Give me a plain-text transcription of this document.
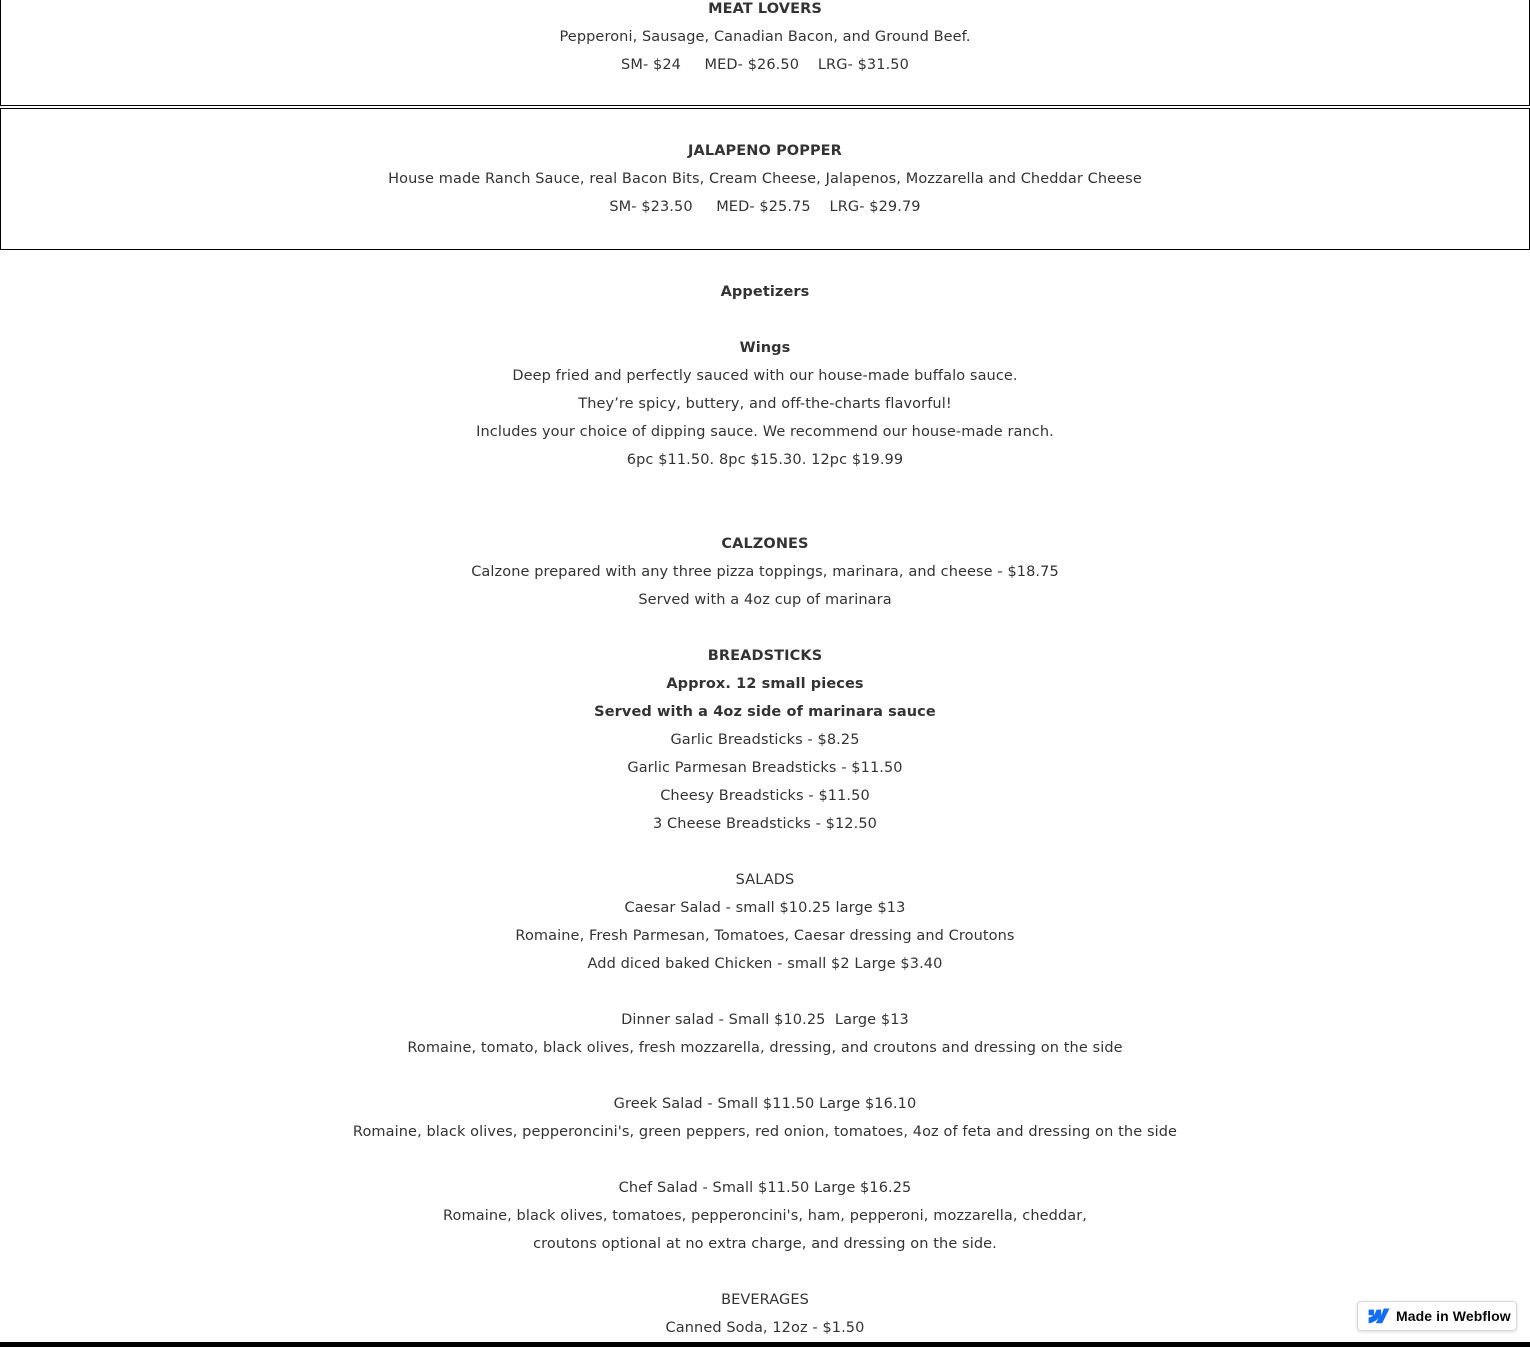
MEAT LOVERS
Pepperoni, Sausage, Canadian Bacon, and Ground Beef.
SM- $24     MED- $26.50    LRG- $31.50
JALAPENO POPPER
House made Ranch Sauce, real Bacon Bits, Cream Cheese, Jalapenos, Mozzarella and Cheddar Cheese
SM- $23.50     MED- $25.75    LRG- $29.79
Appetizers
Wings
Deep fried and perfectly sauced with our house-made buffalo sauce.
They’re spicy, buttery, and off-the-charts flavorful!
Includes your choice of dipping sauce. We recommend our house-made ranch.
6pc $11.50. 8pc $15.30. 12pc $19.99
CALZONES
Calzone prepared with any three pizza toppings, marinara, and cheese - $18.75
Served with a 4oz cup of marinara
BREADSTICKS
Approx. 12 small pieces
Served with a 4oz side of marinara sauce
Garlic Breadsticks - $8.25
Garlic Parmesan Breadsticks - $11.50
Cheesy Breadsticks - $11.50
3 Cheese Breadsticks - $12.50
SALADS
Caesar Salad - small $10.25 large $13
Romaine, Fresh Parmesan, Tomatoes, Caesar dressing and Croutons
Add diced baked Chicken - small $2 Large $3.40
Dinner salad - Small $10.25  Large $13
Romaine, tomato, black olives, fresh mozzarella, dressing, and croutons and dressing on the side
Greek Salad - Small $11.50 Large $16.10
Romaine, black olives, pepperoncini's, green peppers, red onion, tomatoes, 4oz of feta and dressing on the side
Chef Salad - Small $11.50 Large $16.25
Romaine, black olives, tomatoes, pepperoncini's, ham, pepperoni, mozzarella, cheddar,
croutons optional at no extra charge, and dressing on the side.
BEVERAGES
Canned Soda, 12oz - $1.50
Made in Webflow
